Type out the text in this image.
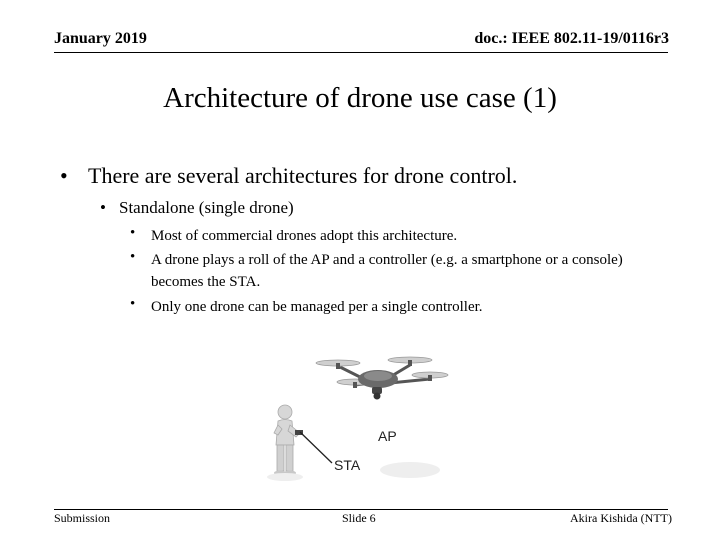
January 2019	doc.: IEEE 802.11-19/0116r3
Architecture of drone use case (1)
• There are several architectures for drone control.
• Standalone (single drone)
• Most of commercial drones adopt this architecture.
• A drone plays a roll of the AP and a controller (e.g. a smartphone or a console) becomes the STA.
• Only one drone can be managed per a single controller.
AP
STA
Submission	Slide 6	Akira Kishida (NTT)
